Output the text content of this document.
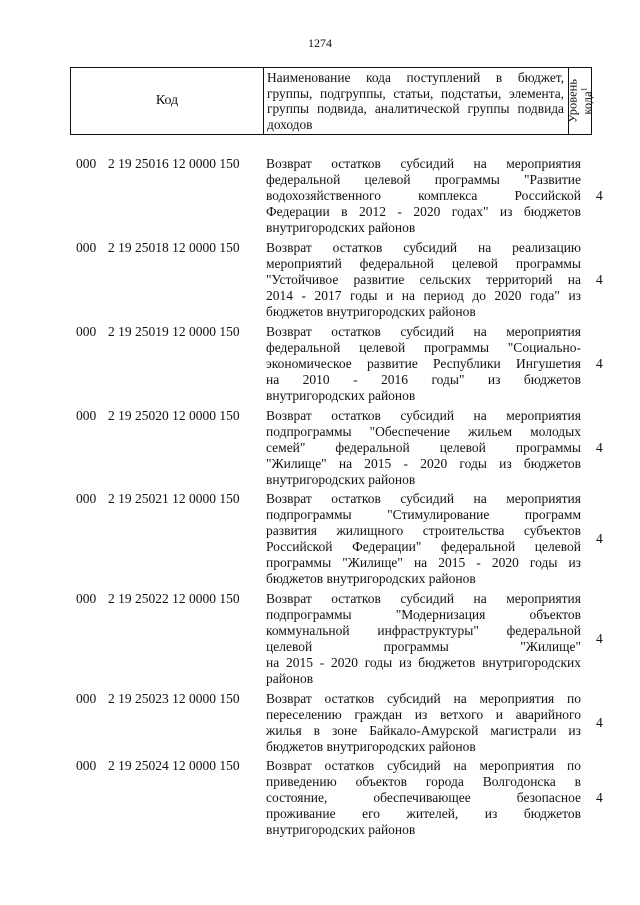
1274
Код
Наименование кода поступлений в бюджет,
группы, подгруппы, статьи, подстатьи, элемента,
группы подвида, аналитической группы подвида
доходов
Уровень
кода$^1$
000 2 19 25016 12 0000 150 Возврат остатков субсидий на мероприятия
федеральной целевой программы "Развитие
водохозяйственного комплекса Российской
Федерации в 2012 - 2020 годах" из бюджетов
внутригородских районов
4
000 2 19 25018 12 0000 150 Возврат остатков субсидий на реализацию
мероприятий федеральной целевой программы
"Устойчивое развитие сельских территорий на
2014 - 2017 годы и на период до 2020 года" из
бюджетов внутригородских районов
4
000 2 19 25019 12 0000 150 Возврат остатков субсидий на мероприятия
федеральной целевой программы "Социально-
экономическое развитие Республики Ингушетия
на 2010 - 2016 годы" из бюджетов
внутригородских районов
4
000 2 19 25020 12 0000 150 Возврат остатков субсидий на мероприятия
подпрограммы "Обеспечение жильем молодых
семей" федеральной целевой программы
"Жилище" на 2015 - 2020 годы из бюджетов
внутригородских районов
4
000 2 19 25021 12 0000 150 Возврат остатков субсидий на мероприятия
подпрограммы "Стимулирование программ
развития жилищного строительства субъектов
Российской Федерации" федеральной целевой
программы "Жилище" на 2015 - 2020 годы из
бюджетов внутригородских районов
4
000 2 19 25022 12 0000 150 Возврат остатков субсидий на мероприятия
подпрограммы "Модернизация объектов
коммунальной инфраструктуры" федеральной
целевой программы "Жилище"
на 2015 - 2020 годы из бюджетов внутригородских
районов
4
000 2 19 25023 12 0000 150 Возврат остатков субсидий на мероприятия по
переселению граждан из ветхого и аварийного
жилья в зоне Байкало-Амурской магистрали из
бюджетов внутригородских районов
4
000 2 19 25024 12 0000 150 Возврат остатков субсидий на мероприятия по
приведению объектов города Волгодонска в
состояние, обеспечивающее безопасное
проживание его жителей, из бюджетов
внутригородских районов
4
